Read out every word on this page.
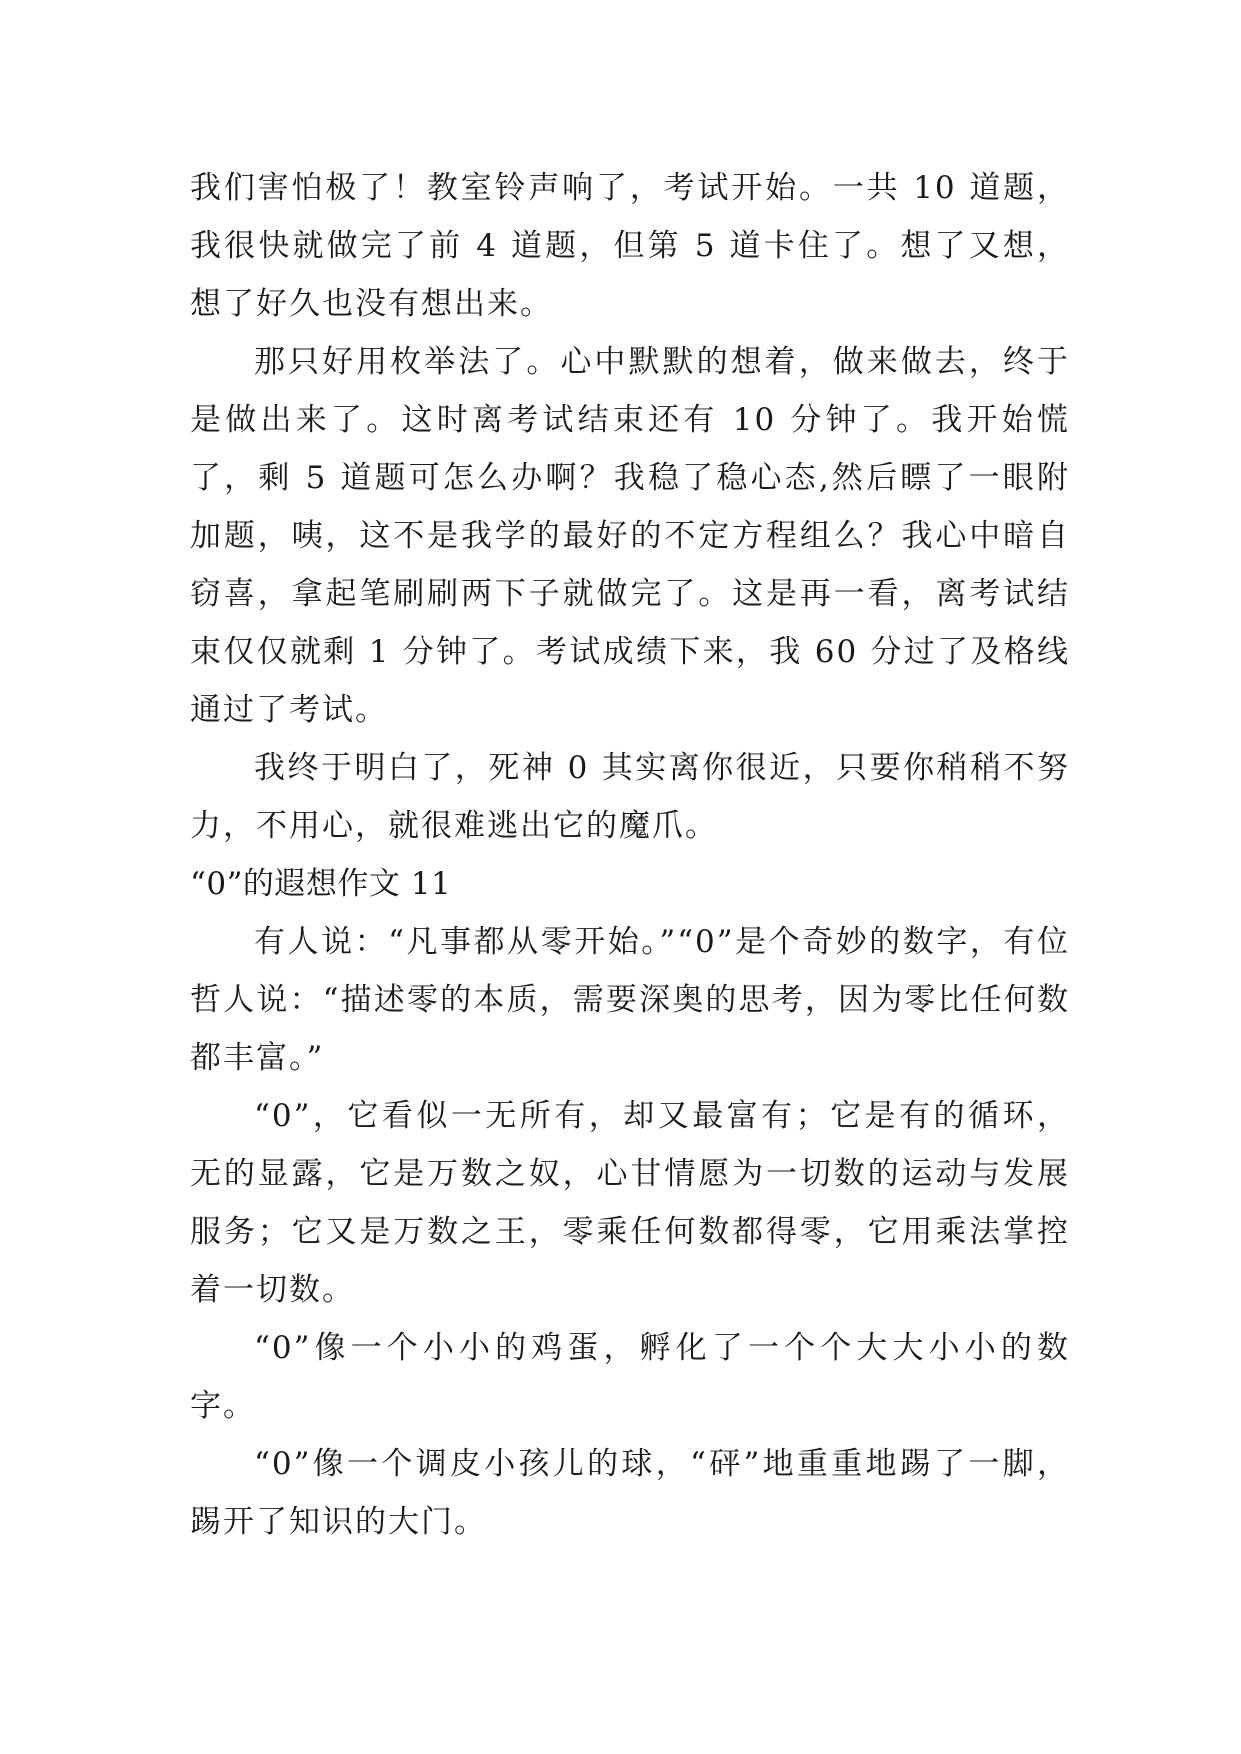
我们害怕极了！教室铃声响了，考试开始。一共 10 道题，我很快就做完了前 4 道题，但第 5 道卡住了。想了又想，想了好久也没有想出来。

那只好用枚举法了。心中默默的想着，做来做去，终于是做出来了。这时离考试结束还有 10 分钟了。我开始慌了，剩 5 道题可怎么办啊？我稳了稳心态,然后瞟了一眼附加题，咦，这不是我学的最好的不定方程组么？我心中暗自窃喜，拿起笔刷刷两下子就做完了。这是再一看，离考试结束仅仅就剩 1 分钟了。考试成绩下来，我 60 分过了及格线通过了考试。

我终于明白了，死神 0 其实离你很近，只要你稍稍不努力，不用心，就很难逃出它的魔爪。

“0”的遐想作文 11

有人说：“凡事都从零开始。”“0”是个奇妙的数字，有位哲人说：“描述零的本质，需要深奥的思考，因为零比任何数都丰富。”

“0”，它看似一无所有，却又最富有；它是有的循环，无的显露，它是万数之奴，心甘情愿为一切数的运动与发展服务；它又是万数之王，零乘任何数都得零，它用乘法掌控着一切数。

“0”像一个小小的鸡蛋，孵化了一个个大大小小的数字。

“0”像一个调皮小孩儿的球，“砰”地重重地踢了一脚，踢开了知识的大门。
